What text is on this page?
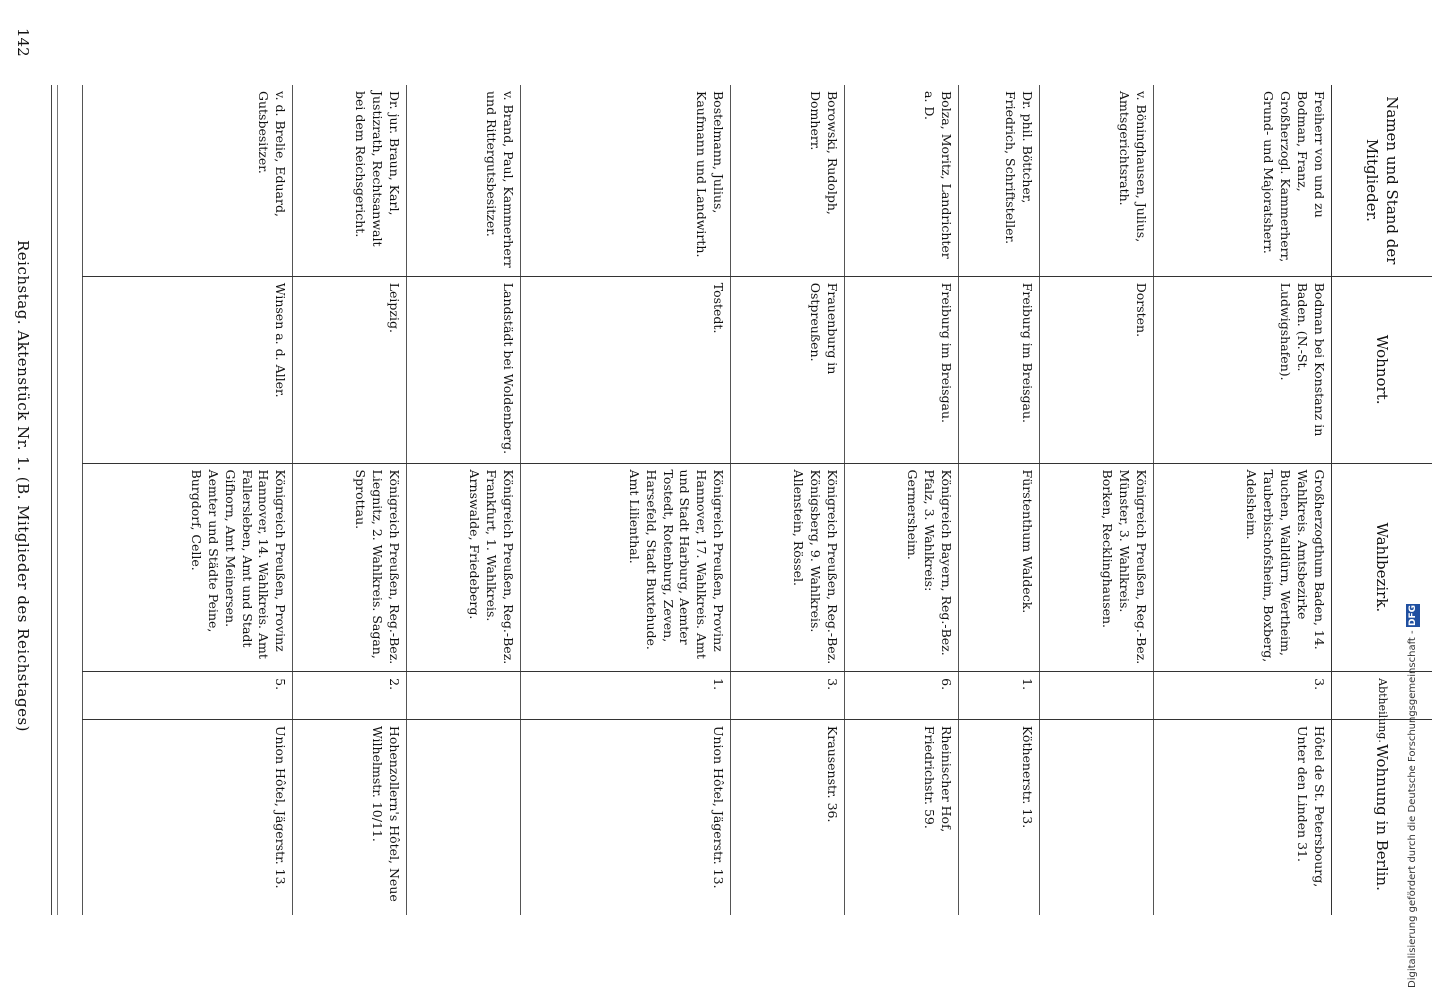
142
Reichstag. Aktenstück Nr. 1. (B. Mitglieder des Reichstages)
Namen und Stand der Mitglieder.	Wohnort.	Wahlbezirk.	Abtheilung.	Wohnung in Berlin.
Freiherr von und zu Bodman, Franz, Großherzogl. Kammerherr, Grund- und Majoratsherr.	Bodman bei Konstanz in Baden. (N.-St. Ludwigshafen).	Großherzogthum Baden, 14. Wahlkreis. Amtsbezirke Buchen, Walldürn, Wertheim, Tauberbischofsheim, Boxberg, Adelsheim.	3.	Hôtel de St. Petersbourg, Unter den Linden 31.
v. Böninghausen, Julius, Amtsgerichtsrath.	Dorsten.	Königreich Preußen, Reg.-Bez. Münster, 3. Wahlkreis. Borken, Recklinghausen.		
Dr. phil. Böttcher, Friedrich, Schriftsteller.	Freiburg im Breisgau.	Fürstenthum Waldeck.	1.	Köthenerstr. 13.
Bolza, Moritz, Landrichter a. D.	Freiburg im Breisgau.	Königreich Bayern, Reg.-Bez. Pfalz, 3. Wahlkreis: Germersheim.	6.	Rheinischer Hof, Friedrichstr. 59.
Borowski, Rudolph, Domherr.	Frauenburg in Ostpreußen.	Königreich Preußen, Reg.-Bez. Königsberg, 9. Wahlkreis. Allenstein, Rössel.	3.	Krausenstr. 36.
Bostelmann, Julius, Kaufmann und Landwirth.	Tostedt.	Königreich Preußen, Provinz Hannover, 17. Wahlkreis. Amt und Stadt Harburg, Aemter Tostedt, Rotenburg, Zeven, Harsefeld, Stadt Buxtehude. Amt Lilienthal.	1.	Union Hôtel, Jägerstr. 13.
v. Brand, Paul, Kammerherr und Rittergutsbesitzer.	Landstädt bei Woldenberg.	Königreich Preußen, Reg.-Bez. Frankfurt, 1. Wahlkreis. Arnswalde, Friedeberg.		
Dr. jur. Braun, Karl, Justizrath, Rechtsanwalt bei dem Reichsgericht.	Leipzig.	Königreich Preußen, Reg.-Bez. Liegnitz, 2. Wahlkreis. Sagan, Sprottau.	2.	Hohenzollern's Hôtel, Neue Wilhelmstr. 10/11.
v. d. Brelie, Eduard, Gutsbesitzer.	Winsen a. d. Aller.	Königreich Preußen, Provinz Hannover, 14. Wahlkreis. Amt Fallersleben, Amt und Stadt Gifhorn, Amt Meinersen. Aemter und Städte Peine, Burgdorf, Celle.	5.	Union Hôtel, Jägerstr. 13.	Digitalisierung gefördert durch die Deutsche Forschungsgemeinschaft - DFG
